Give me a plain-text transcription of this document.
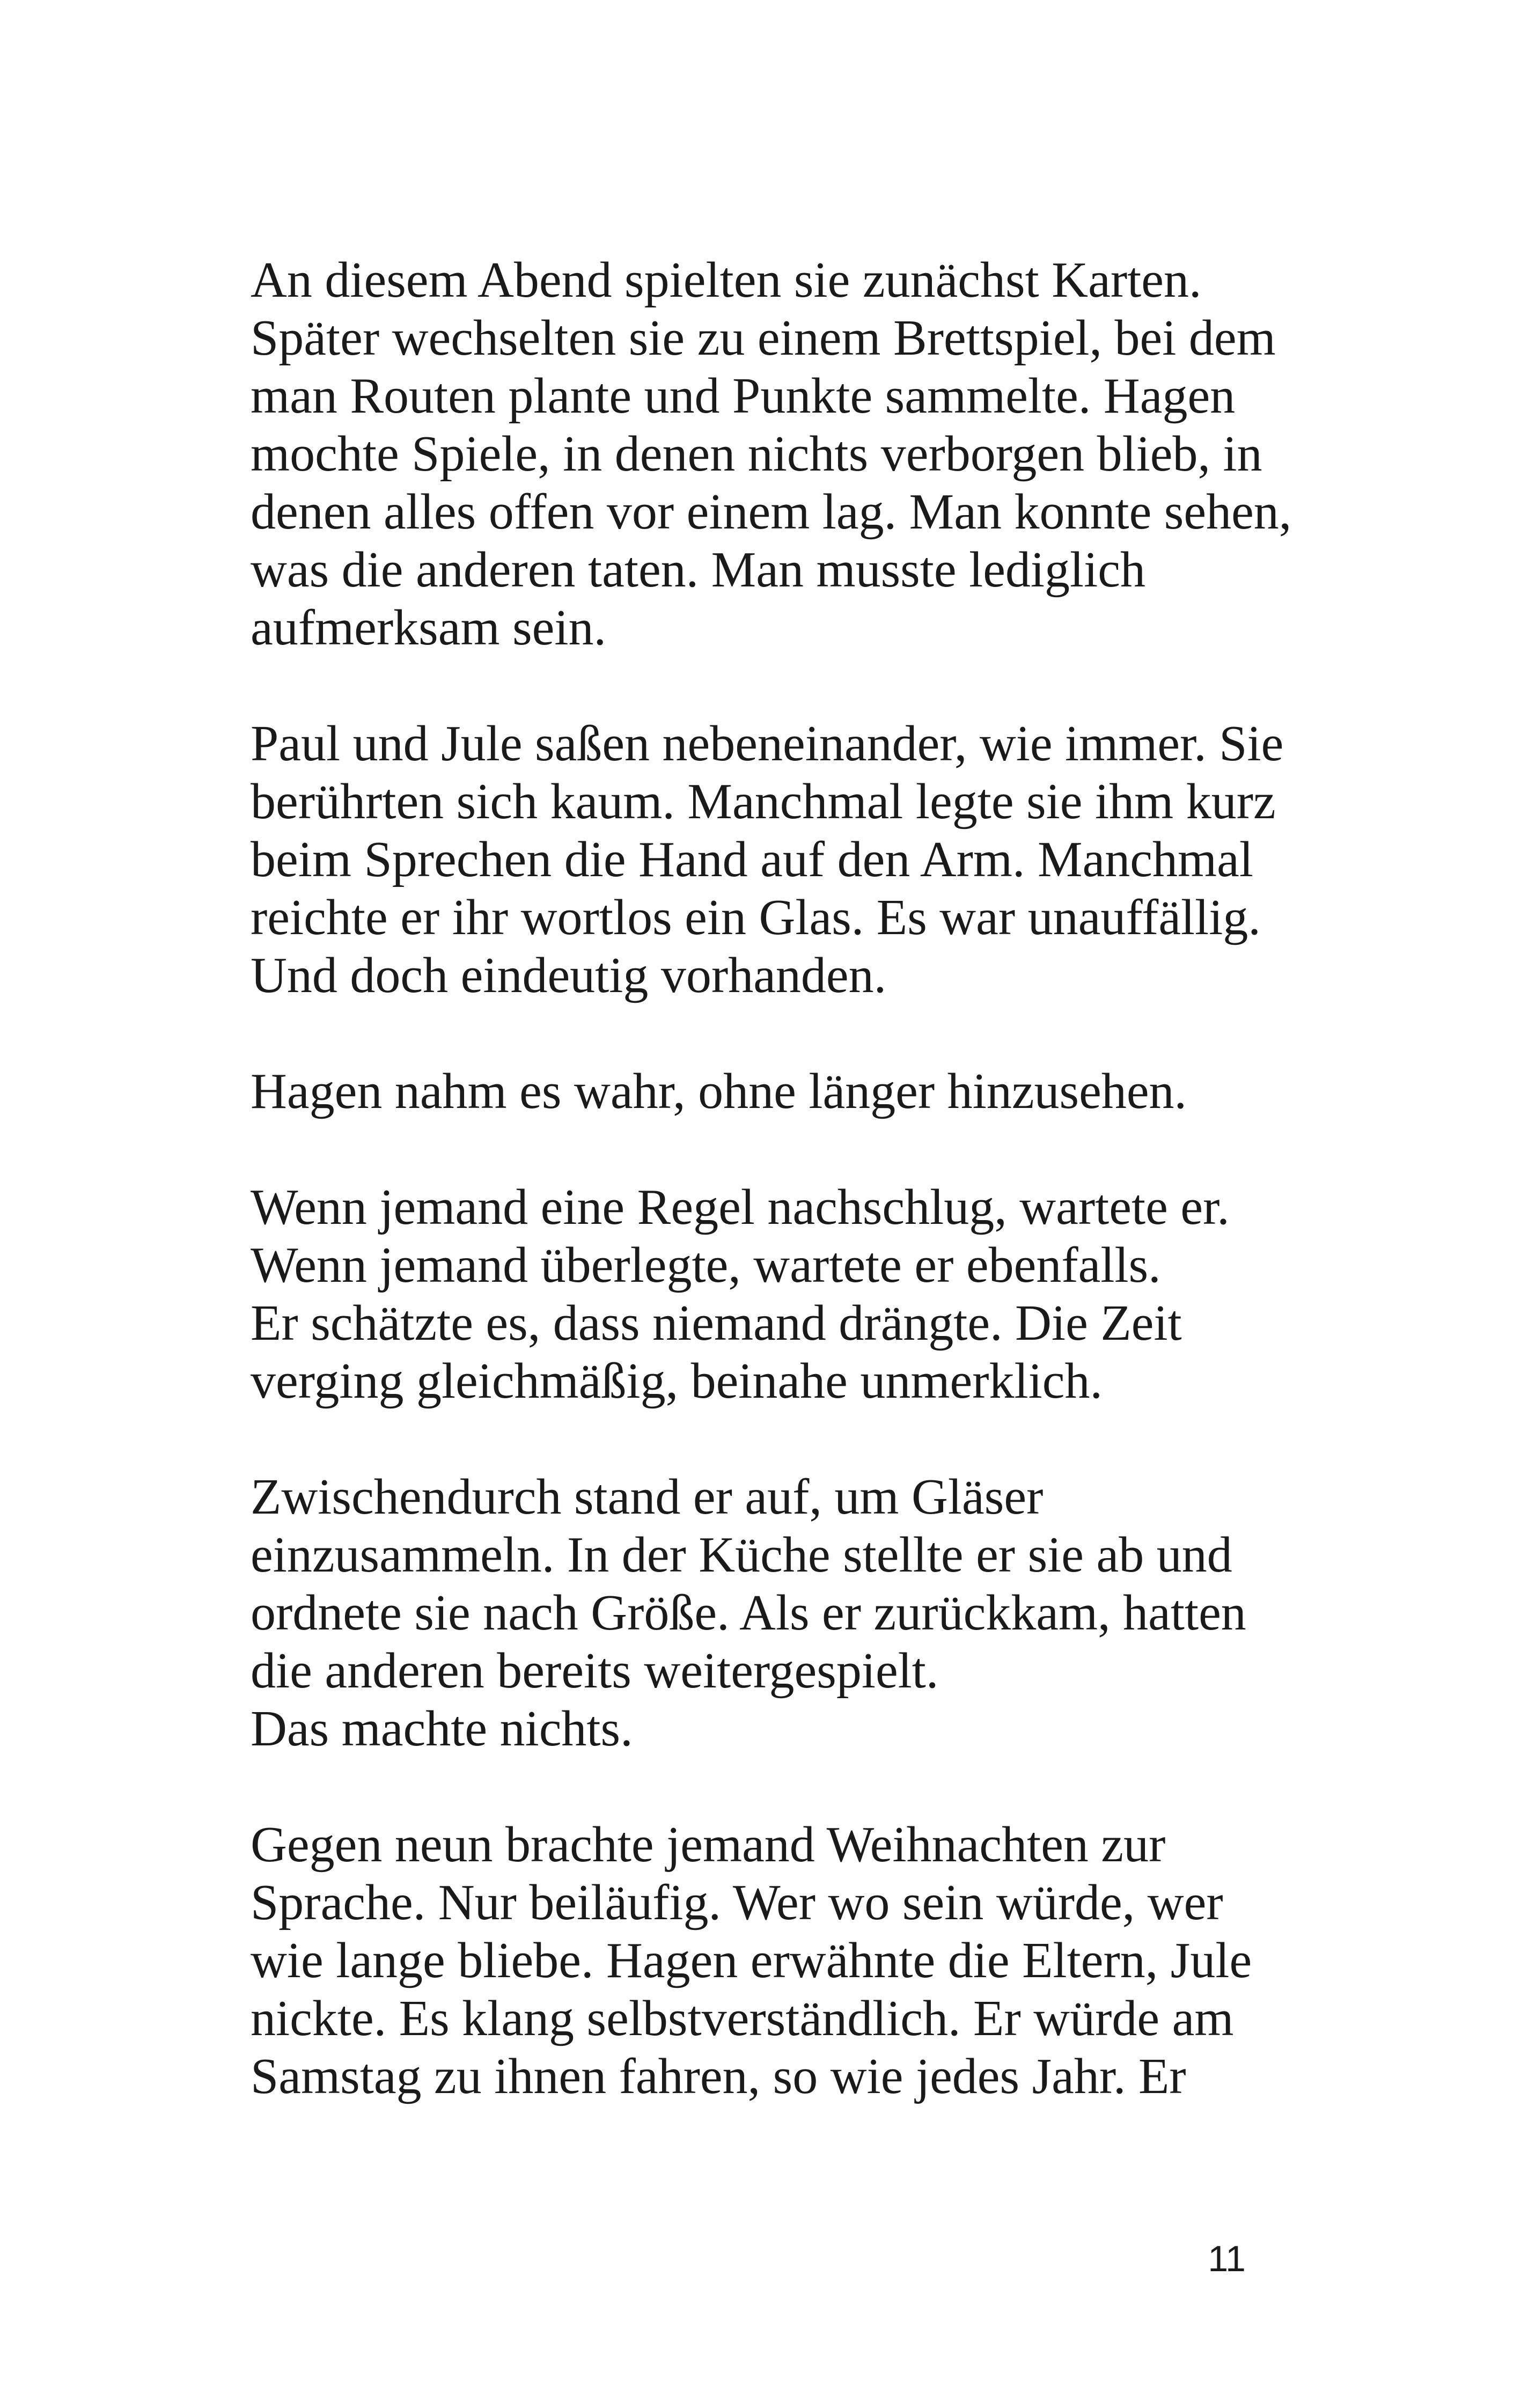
An diesem Abend spielten sie zunächst Karten.
Später wechselten sie zu einem Brettspiel, bei dem
man Routen plante und Punkte sammelte. Hagen
mochte Spiele, in denen nichts verborgen blieb, in
denen alles offen vor einem lag. Man konnte sehen,
was die anderen taten. Man musste lediglich
aufmerksam sein.

Paul und Jule saßen nebeneinander, wie immer. Sie
berührten sich kaum. Manchmal legte sie ihm kurz
beim Sprechen die Hand auf den Arm. Manchmal
reichte er ihr wortlos ein Glas. Es war unauffällig.
Und doch eindeutig vorhanden.

Hagen nahm es wahr, ohne länger hinzusehen.

Wenn jemand eine Regel nachschlug, wartete er.
Wenn jemand überlegte, wartete er ebenfalls.
Er schätzte es, dass niemand drängte. Die Zeit
verging gleichmäßig, beinahe unmerklich.

Zwischendurch stand er auf, um Gläser
einzusammeln. In der Küche stellte er sie ab und
ordnete sie nach Größe. Als er zurückkam, hatten
die anderen bereits weitergespielt.
Das machte nichts.

Gegen neun brachte jemand Weihnachten zur
Sprache. Nur beiläufig. Wer wo sein würde, wer
wie lange bliebe. Hagen erwähnte die Eltern, Jule
nickte. Es klang selbstverständlich. Er würde am
Samstag zu ihnen fahren, so wie jedes Jahr. Er

11
